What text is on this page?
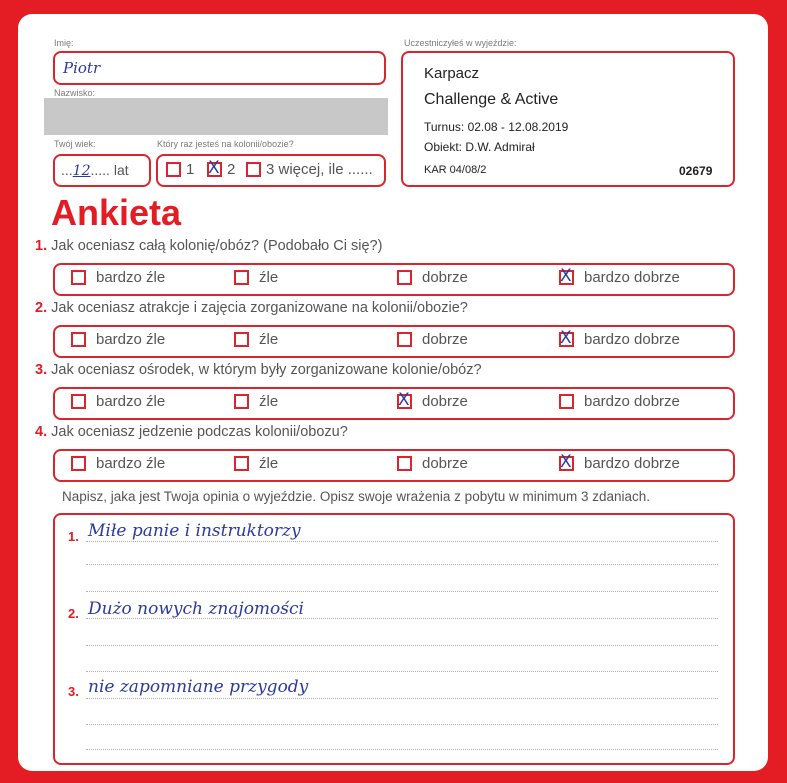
Imię:
Piotr
Nazwisko:
Twój wiek:
...12..... lat
Który raz jesteś na kolonii/obozie?
1 X 2 3 więcej, ile ......
Uczestniczyłeś w wyjeździe:
Karpacz
Challenge & Active
Turnus: 02.08 - 12.08.2019
Obiekt: D.W. Admirał
KAR 04/08/2	02679
Ankieta
1. Jak oceniasz całą kolonię/obóz? (Podobało Ci się?)
2. Jak oceniasz atrakcje i zajęcia zorganizowane na kolonii/obozie?
3. Jak oceniasz ośrodek, w którym były zorganizowane kolonie/obóz?
4. Jak oceniasz jedzenie podczas kolonii/obozu?
bardzo źle	źle	dobrze	X bardzo dobrze
bardzo źle	źle	dobrze	X bardzo dobrze
bardzo źle	źle	X dobrze	bardzo dobrze
bardzo źle	źle	dobrze	X bardzo dobrze
Napisz, jaka jest Twoja opinia o wyjeździe. Opisz swoje wrażenia z pobytu w minimum 3 zdaniach.
1. Miłe panie i instruktorzy
2. Dużo nowych znajomości
3. nie zapomniane przygody
